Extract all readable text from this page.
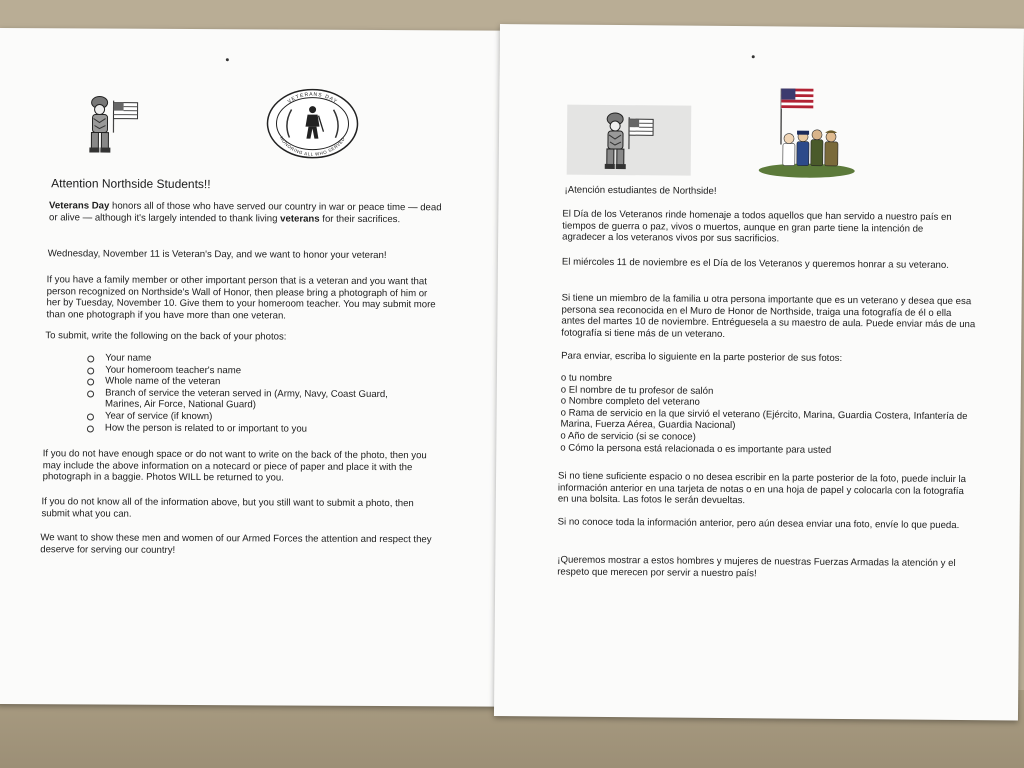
VETERANS DAY
HONORING ALL WHO SERVED
Attention Northside Students!!

Veterans Day honors all of those who have served our country in war or peace time — dead or alive — although it's largely intended to thank living veterans for their sacrifices.

Wednesday, November 11 is Veteran's Day, and we want to honor your veteran!

If you have a family member or other important person that is a veteran and you want that person recognized on Northside's Wall of Honor, then please bring a photograph of him or her by Tuesday, November 10. Give them to your homeroom teacher. You may submit more than one photograph if you have more than one veteran.

To submit, write the following on the back of your photos:

Your name
Your homeroom teacher's name
Whole name of the veteran
Branch of service the veteran served in (Army, Navy, Coast Guard, Marines, Air Force, National Guard)
Year of service (if known)
How the person is related to or important to you

If you do not have enough space or do not want to write on the back of the photo, then you may include the above information on a notecard or piece of paper and place it with the photograph in a baggie. Photos WILL be returned to you.

If you do not know all of the information above, but you still want to submit a photo, then submit what you can.

We want to show these men and women of our Armed Forces the attention and respect they deserve for serving our country!

¡Atención estudiantes de Northside!

El Día de los Veteranos rinde homenaje a todos aquellos que han servido a nuestro país en tiempos de guerra o paz, vivos o muertos, aunque en gran parte tiene la intención de agradecer a los veteranos vivos por sus sacrificios.

El miércoles 11 de noviembre es el Día de los Veteranos y queremos honrar a su veterano.

Si tiene un miembro de la familia u otra persona importante que es un veterano y desea que esa persona sea reconocida en el Muro de Honor de Northside, traiga una fotografía de él o ella antes del martes 10 de noviembre. Entréguesela a su maestro de aula. Puede enviar más de una fotografía si tiene más de un veterano.

Para enviar, escriba lo siguiente en la parte posterior de sus fotos:

o tu nombre
o El nombre de tu profesor de salón
o Nombre completo del veterano
o Rama de servicio en la que sirvió el veterano (Ejército, Marina, Guardia Costera, Infantería de Marina, Fuerza Aérea, Guardia Nacional)
o Año de servicio (si se conoce)
o Cómo la persona está relacionada o es importante para usted

Si no tiene suficiente espacio o no desea escribir en la parte posterior de la foto, puede incluir la información anterior en una tarjeta de notas o en una hoja de papel y colocarla con la fotografía en una bolsita. Las fotos le serán devueltas.

Si no conoce toda la información anterior, pero aún desea enviar una foto, envíe lo que pueda.

¡Queremos mostrar a estos hombres y mujeres de nuestras Fuerzas Armadas la atención y el respeto que merecen por servir a nuestro país!
